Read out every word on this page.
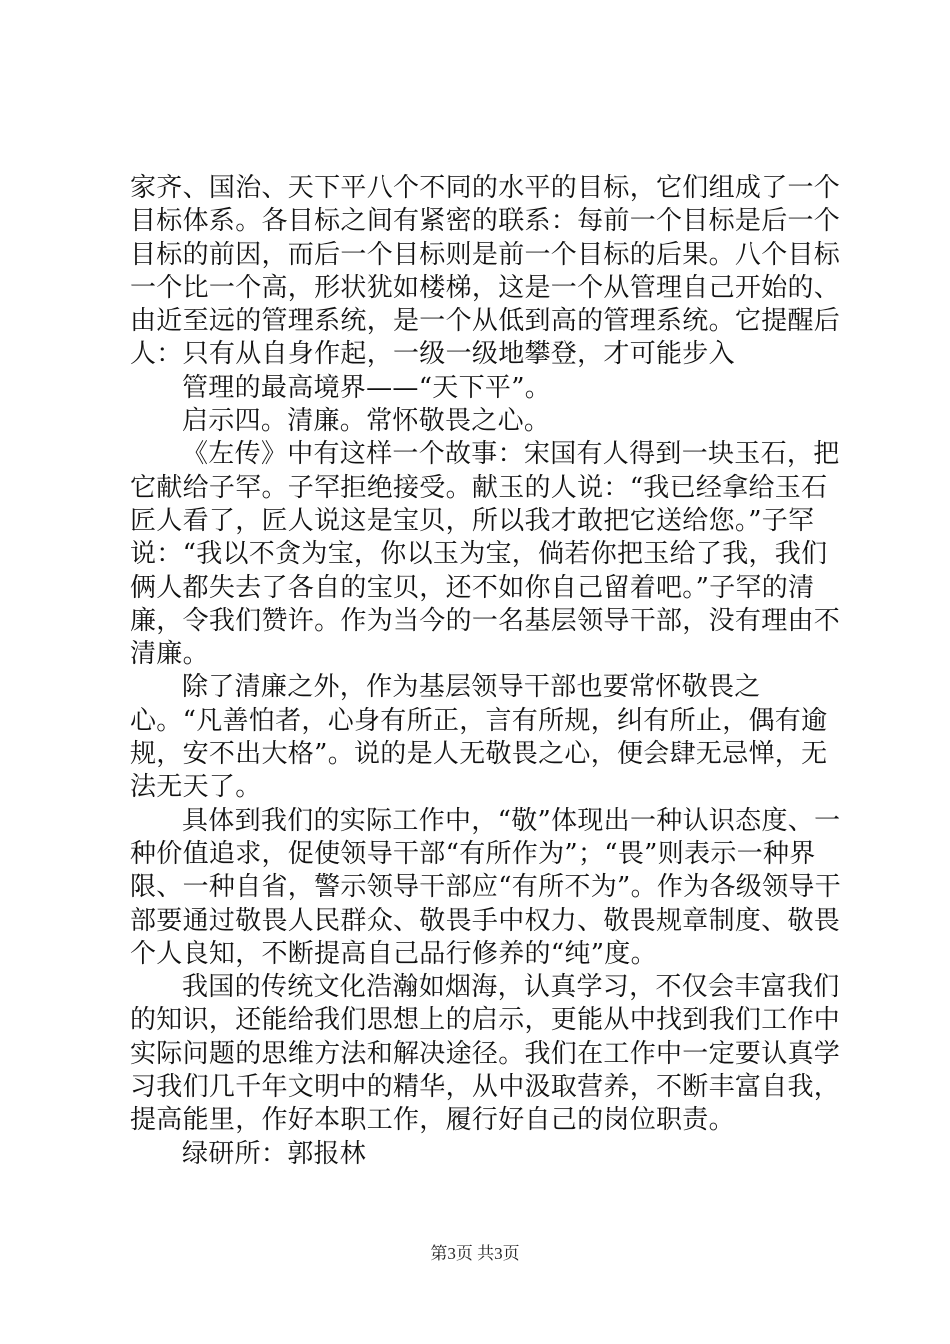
家齐、国治、天下平八个不同的水平的目标，它们组成了一个目标体系。各目标之间有紧密的联系：每前一个目标是后一个目标的前因，而后一个目标则是前一个目标的后果。八个目标一个比一个高，形状犹如楼梯，这是一个从管理自己开始的、由近至远的管理系统，是一个从低到高的管理系统。它提醒后人：只有从自身作起，一级一级地攀登，才可能步入

管理的最高境界——“天下平”。

启示四。清廉。常怀敬畏之心。

《左传》中有这样一个故事：宋国有人得到一块玉石，把它献给子罕。子罕拒绝接受。献玉的人说：“我已经拿给玉石匠人看了，匠人说这是宝贝，所以我才敢把它送给您。”子罕说：“我以不贪为宝，你以玉为宝，倘若你把玉给了我，我们俩人都失去了各自的宝贝，还不如你自己留着吧。”子罕的清廉，令我们赞许。作为当今的一名基层领导干部，没有理由不清廉。

除了清廉之外，作为基层领导干部也要常怀敬畏之心。“凡善怕者，心身有所正，言有所规，纠有所止，偶有逾规，安不出大格”。说的是人无敬畏之心，便会肆无忌惮，无法无天了。

具体到我们的实际工作中，“敬”体现出一种认识态度、一种价值追求，促使领导干部“有所作为”；“畏”则表示一种界限、一种自省，警示领导干部应“有所不为”。作为各级领导干部要通过敬畏人民群众、敬畏手中权力、敬畏规章制度、敬畏个人良知，不断提高自己品行修养的“纯”度。

我国的传统文化浩瀚如烟海，认真学习，不仅会丰富我们的知识，还能给我们思想上的启示，更能从中找到我们工作中实际问题的思维方法和解决途径。我们在工作中一定要认真学习我们几千年文明中的精华，从中汲取营养，不断丰富自我，提高能里，作好本职工作，履行好自己的岗位职责。

绿研所：郭报林

第3页 共3页
